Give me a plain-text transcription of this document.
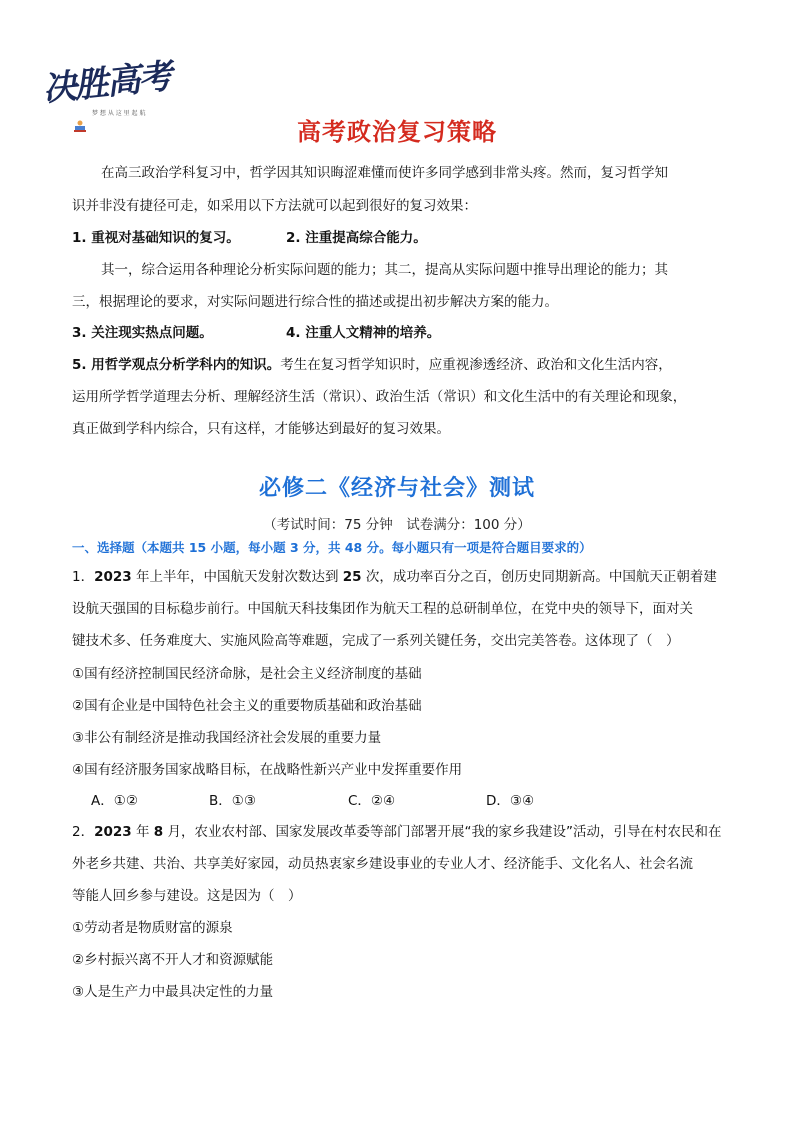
决胜高考
梦 想 从 这 里 起 航
高考政治复习策略
在高三政治学科复习中，哲学因其知识晦涩难懂而使许多同学感到非常头疼。然而，复习哲学知
识并非没有捷径可走，如采用以下方法就可以起到很好的复习效果：
1. 重视对基础知识的复习。	2. 注重提高综合能力。
其一，综合运用各种理论分析实际问题的能力；其二，提高从实际问题中推导出理论的能力；其
三，根据理论的要求，对实际问题进行综合性的描述或提出初步解决方案的能力。
3. 关注现实热点问题。	4. 注重人文精神的培养。
5. 用哲学观点分析学科内的知识。考生在复习哲学知识时，应重视渗透经济、政治和文化生活内容，
运用所学哲学道理去分析、理解经济生活（常识）、政治生活（常识）和文化生活中的有关理论和现象，
真正做到学科内综合，只有这样，才能够达到最好的复习效果。
必修二《经济与社会》测试
（考试时间：75 分钟　试卷满分：100 分）
一、选择题（本题共 15 小题，每小题 3 分，共 48 分。每小题只有一项是符合题目要求的）
1．2023 年上半年，中国航天发射次数达到 25 次，成功率百分之百，创历史同期新高。中国航天正朝着建
设航天强国的目标稳步前行。中国航天科技集团作为航天工程的总研制单位，在党中央的领导下，面对关
键技术多、任务难度大、实施风险高等难题，完成了一系列关键任务，交出完美答卷。这体现了（　）
①国有经济控制国民经济命脉，是社会主义经济制度的基础
②国有企业是中国特色社会主义的重要物质基础和政治基础
③非公有制经济是推动我国经济社会发展的重要力量
④国有经济服务国家战略目标，在战略性新兴产业中发挥重要作用
A．①②	B．①③	C．②④	D．③④
2．2023 年 8 月，农业农村部、国家发展改革委等部门部署开展“我的家乡我建设”活动，引导在村农民和在
外老乡共建、共治、共享美好家园，动员热衷家乡建设事业的专业人才、经济能手、文化名人、社会名流
等能人回乡参与建设。这是因为（　）
①劳动者是物质财富的源泉
②乡村振兴离不开人才和资源赋能
③人是生产力中最具决定性的力量
